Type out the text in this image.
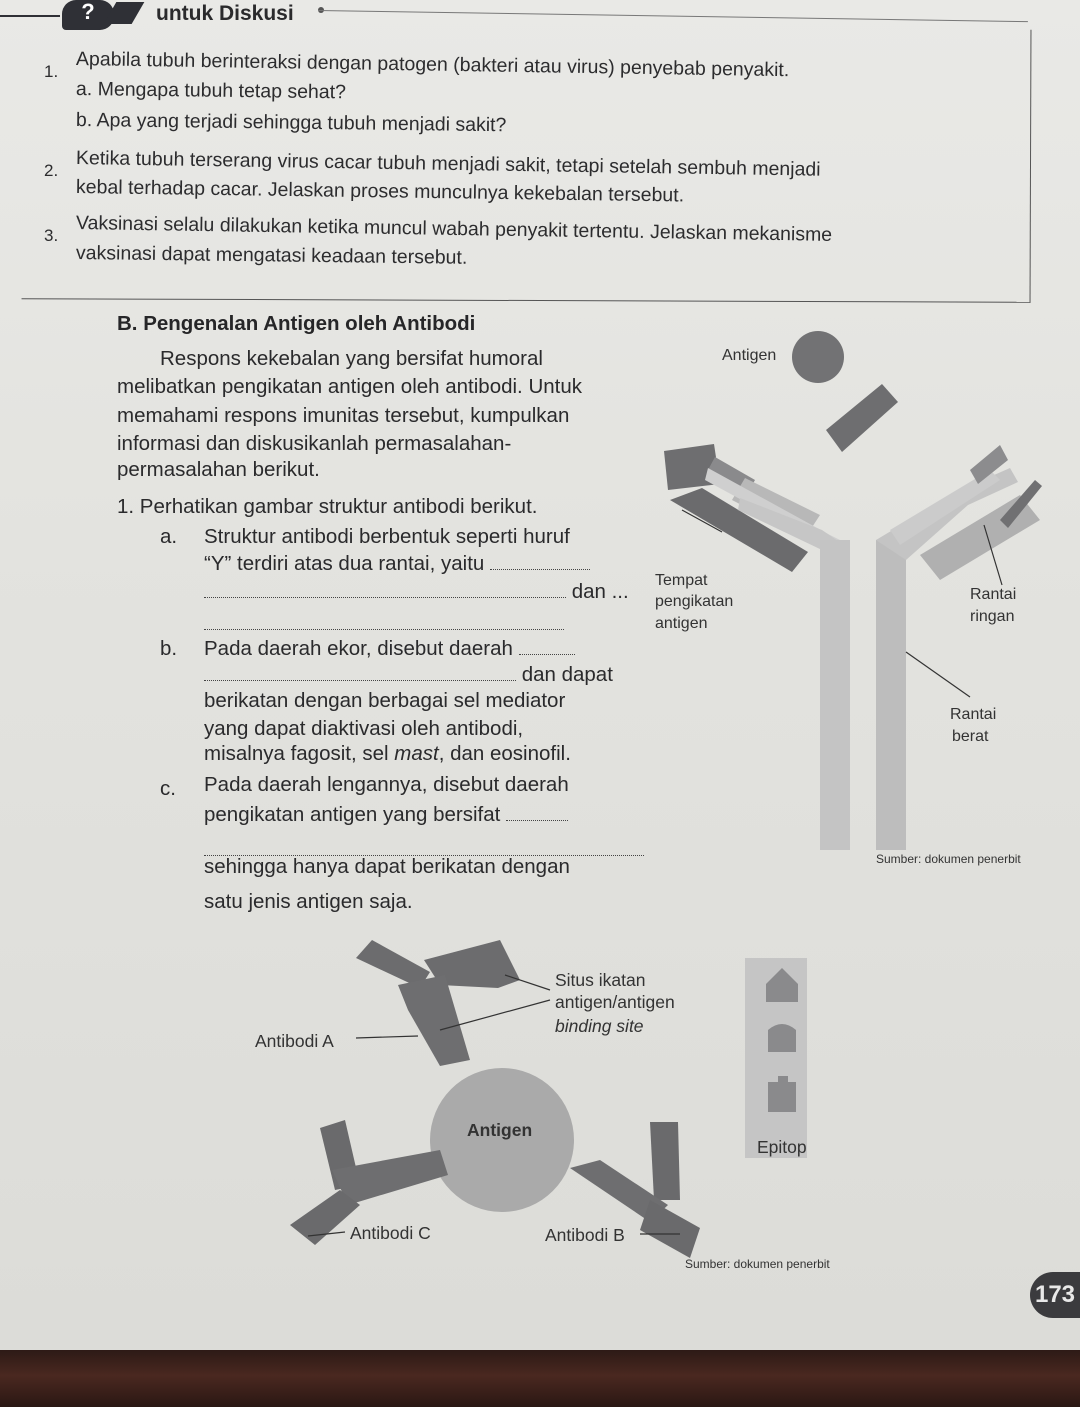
?	untuk Diskusi
1. Apabila tubuh berinteraksi dengan patogen (bakteri atau virus) penyebab penyakit.
a. Mengapa tubuh tetap sehat?
b. Apa yang terjadi sehingga tubuh menjadi sakit?
2. Ketika tubuh terserang virus cacar tubuh menjadi sakit, tetapi setelah sembuh menjadi
kebal terhadap cacar. Jelaskan proses munculnya kekebalan tersebut.
3. Vaksinasi selalu dilakukan ketika muncul wabah penyakit tertentu. Jelaskan mekanisme
vaksinasi dapat mengatasi keadaan tersebut.
B. Pengenalan Antigen oleh Antibodi
Respons kekebalan yang bersifat humoral
melibatkan pengikatan antigen oleh antibodi. Untuk
memahami respons imunitas tersebut, kumpulkan
informasi dan diskusikanlah permasalahan-
permasalahan berikut.
1. Perhatikan gambar struktur antibodi berikut.
a. Struktur antibodi berbentuk seperti huruf
“Y” terdiri atas dua rantai, yaitu
dan ...
b. Pada daerah ekor, disebut daerah
dan dapat
berikatan dengan berbagai sel mediator
yang dapat diaktivasi oleh antibodi,
misalnya fagosit, sel mast, dan eosinofil.
c. Pada daerah lengannya, disebut daerah
pengikatan antigen yang bersifat
sehingga hanya dapat berikatan dengan
satu jenis antigen saja.
Antigen
Tempat
pengikatan
antigen
Rantai
ringan
Rantai
berat
Sumber: dokumen penerbit
Situs ikatan
antigen/antigen
binding site
Antibodi A
Antigen
Epitop
Antibodi C	Antibodi B
Sumber: dokumen penerbit
173
